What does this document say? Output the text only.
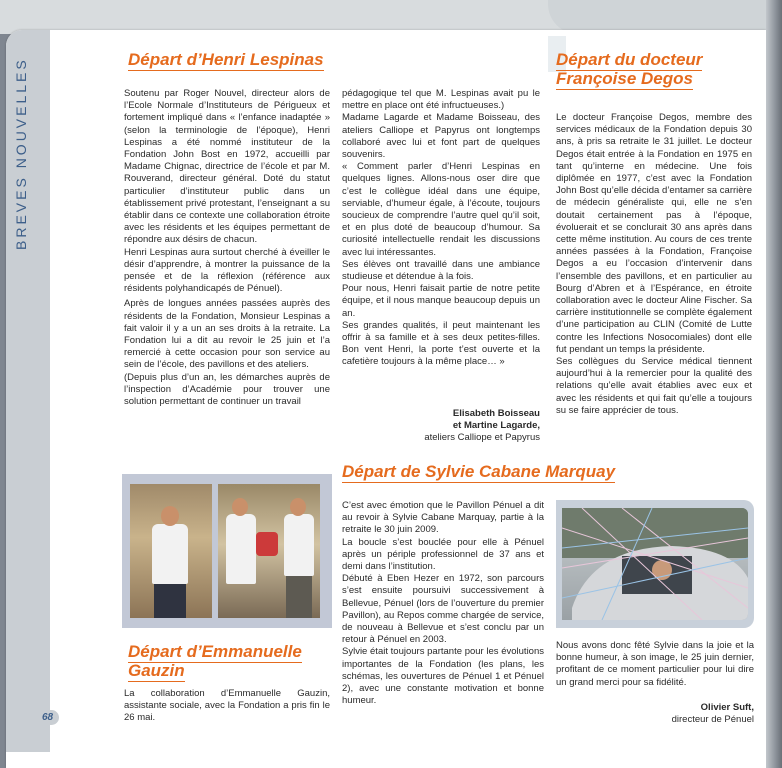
BREVES NOUVELLES	Départ d’Henri Lespinas

Soutenu par Roger Nouvel, directeur alors de l’Ecole Normale d’Instituteurs de Périgueux et fortement impliqué dans « l’enfance inadaptée » (selon la terminologie de l’époque), Henri Lespinas a été nommé instituteur de la Fondation John Bost en 1972, accueilli par Madame Chignac, directrice de l’école et par M. Rouverand, directeur général. Doté du statut particulier d’instituteur public dans un établissement privé protestant, l’enseignant a su établir dans ce contexte une collaboration étroite avec les résidents et les équipes permettant de répondre aux désirs de chacun.

Henri Lespinas aura surtout cherché à éveiller le désir d’apprendre, à montrer la puissance de la pensée et de la réflexion (référence aux résidents polyhandicapés de Pénuel).

Après de longues années passées auprès des résidents de la Fondation, Monsieur Lespinas a fait valoir il y a un an ses droits à la retraite. La Fondation lui a dit au revoir le 25 juin et l’a remercié à cette occasion pour son service au sein de l’école, des pavillons et des ateliers.

(Depuis plus d’un an, les démarches auprès de l’inspection d’Académie pour trouver une solution permettant de continuer un travail

pédagogique tel que M. Lespinas avait pu le mettre en place ont été infructueuses.)

Madame Lagarde et Madame Boisseau, des ateliers Calliope et Papyrus ont longtemps collaboré avec lui et font part de quelques souvenirs.

« Comment parler d’Henri Lespinas en quelques lignes. Allons-nous oser dire que c’est le collègue idéal dans une équipe, serviable, d’humeur égale, à l’écoute, toujours soucieux de comprendre l’autre quel qu’il soit, et en plus doté de beaucoup d’humour. Sa curiosité intellectuelle rendait les discussions avec lui intéressantes.

Ses élèves ont travaillé dans une ambiance studieuse et détendue à la fois.

Pour nous, Henri faisait partie de notre petite équipe, et il nous manque beaucoup depuis un an.

Ses grandes qualités, il peut maintenant les offrir à sa famille et à ses deux petites-filles. Bon vent Henri, la porte t’est ouverte et la cafetière toujours à la même place… »

Elisabeth Boisseau
et Martine Lagarde,
ateliers Calliope et Papyrus
Départ du docteur
Françoise Degos

Le docteur Françoise Degos, membre des services médicaux de la Fondation depuis 30 ans, à pris sa retraite le 31 juillet. Le docteur Degos était entrée à la Fondation en 1975 en tant qu’interne en médecine. Une fois diplômée en 1977, c’est avec la Fondation John Bost qu’elle décida d’entamer sa carrière de médecin généraliste qui, elle ne s’en doutait certainement pas à l’époque, évoluerait et se conclurait 30 ans après dans cette même institution. Au cours de ces trente années passées à la Fondation, Françoise Degos a eu l’occasion d’intervenir dans l’ensemble des pavillons, et en particulier au Bourg d’Abren et à l’Espérance, en étroite collaboration avec le docteur Aline Fischer. Sa carrière institutionnelle se complète également d’une participation au CLIN (Comité de Lutte contre les Infections Nosocomiales) dont elle fut pendant un temps la présidente.

Ses collègues du Service médical tiennent aujourd’hui à la remercier pour la qualité des relations qu’elle avait établies avec eux et avec les résidents et qui fait qu’elle a toujours su se faire apprécier de tous.

Départ de Sylvie Cabane Marquay

C’est avec émotion que le Pavillon Pénuel a dit au revoir à Sylvie Cabane Marquay, partie à la retraite le 30 juin 2009.

La boucle s’est bouclée pour elle à Pénuel après un périple professionnel de 37 ans et demi dans l’institution.

Débuté à Eben Hezer en 1972, son parcours s’est ensuite poursuivi successivement à Bellevue, Pénuel (lors de l’ouverture du premier Pavillon), au Repos comme chargée de service, de nouveau à Bellevue et s’est conclu par un retour à Pénuel en 2003.

Sylvie était toujours partante pour les évolutions importantes de la Fondation (les plans, les schémas, les ouvertures de Pénuel 1 et Pénuel 2), avec une constante motivation et bonne humeur.

Nous avons donc fêté Sylvie dans la joie et la bonne humeur, à son image, le 25 juin dernier, profitant de ce moment particulier pour lui dire un grand merci pour sa fidélité.

Olivier Suft,
directeur de Pénuel
Départ d’Emmanuelle
Gauzin

La collaboration d’Emmanuelle Gauzin, assistante sociale, avec la Fondation a pris fin le 26 mai.

68
